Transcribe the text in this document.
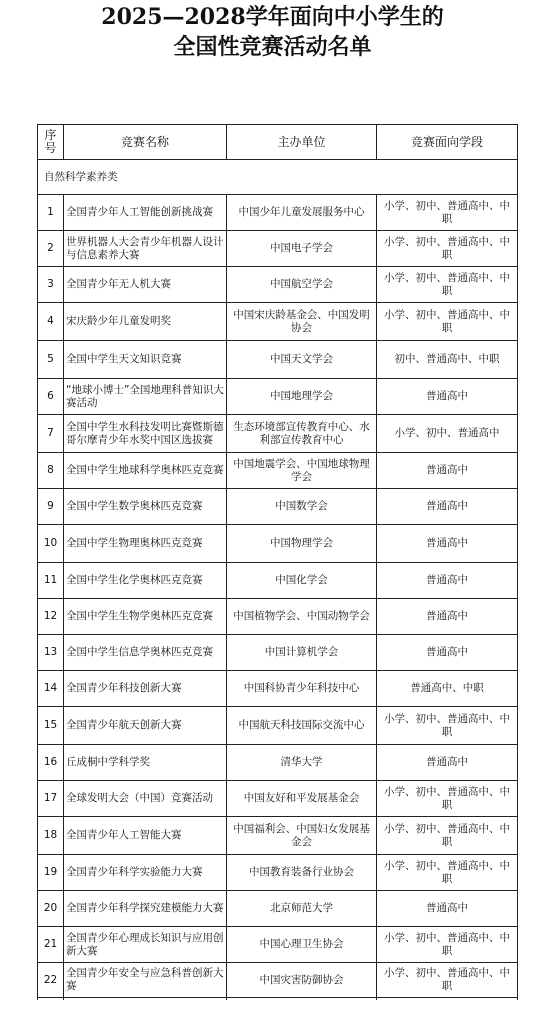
2025—2028学年面向中小学生的
全国性竞赛活动名单
序号	竞赛名称	主办单位	竞赛面向学段
自然科学素养类			
1	全国青少年人工智能创新挑战赛	中国少年儿童发展服务中心	小学、初中、普通高中、中职
2	世界机器人大会青少年机器人设计与信息素养大赛	中国电子学会	小学、初中、普通高中、中职
3	全国青少年无人机大赛	中国航空学会	小学、初中、普通高中、中职
4	宋庆龄少年儿童发明奖	中国宋庆龄基金会、中国发明协会	小学、初中、普通高中、中职
5	全国中学生天文知识竞赛	中国天文学会	初中、普通高中、中职
6	“地球小博士”全国地理科普知识大赛活动	中国地理学会	普通高中
7	全国中学生水科技发明比赛暨斯德哥尔摩青少年水奖中国区选拔赛	生态环境部宣传教育中心、水利部宣传教育中心	小学、初中、普通高中
8	全国中学生地球科学奥林匹克竞赛	中国地震学会、中国地球物理学会	普通高中
9	全国中学生数学奥林匹克竞赛	中国数学会	普通高中
10	全国中学生物理奥林匹克竞赛	中国物理学会	普通高中
11	全国中学生化学奥林匹克竞赛	中国化学会	普通高中
12	全国中学生生物学奥林匹克竞赛	中国植物学会、中国动物学会	普通高中
13	全国中学生信息学奥林匹克竞赛	中国计算机学会	普通高中
14	全国青少年科技创新大赛	中国科协青少年科技中心	普通高中、中职
15	全国青少年航天创新大赛	中国航天科技国际交流中心	小学、初中、普通高中、中职
16	丘成桐中学科学奖	清华大学	普通高中
17	全球发明大会（中国）竞赛活动	中国友好和平发展基金会	小学、初中、普通高中、中职
18	全国青少年人工智能大赛	中国福利会、中国妇女发展基金会	小学、初中、普通高中、中职
19	全国青少年科学实验能力大赛	中国教育装备行业协会	小学、初中、普通高中、中职
20	全国青少年科学探究建模能力大赛	北京师范大学	普通高中
21	全国青少年心理成长知识与应用创新大赛	中国心理卫生协会	小学、初中、普通高中、中职
22	全国青少年安全与应急科普创新大赛	中国灾害防御协会	小学、初中、普通高中、中职
